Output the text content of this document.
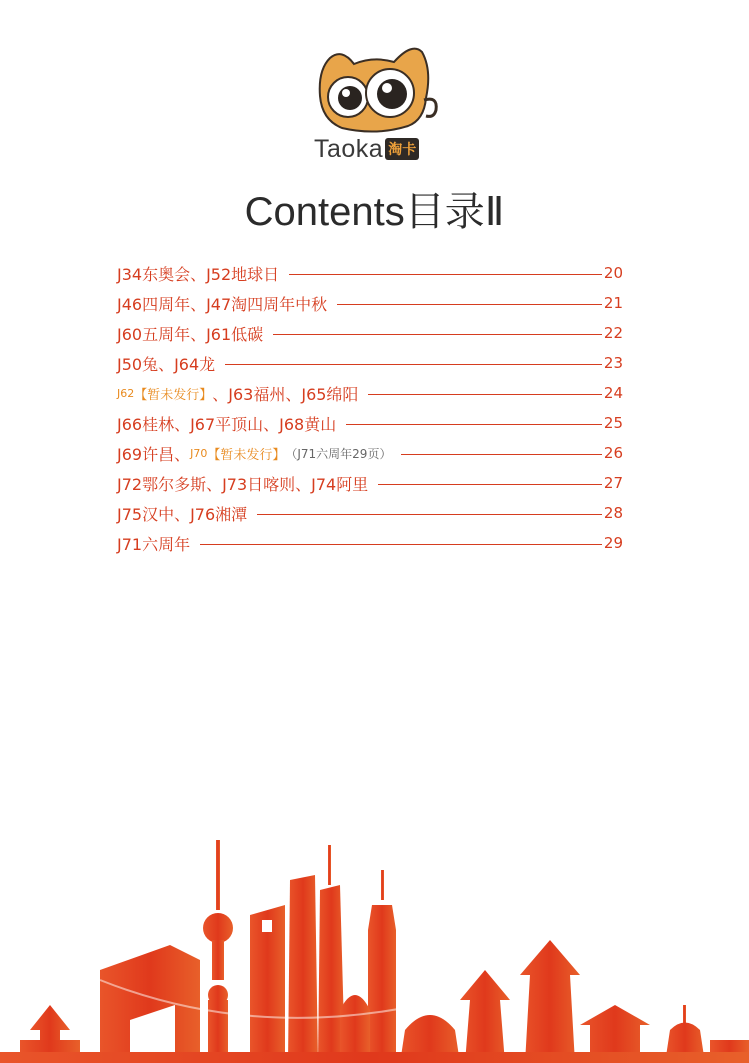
Taoka 淘卡
Contents目录Ⅱ
J34东奥会、J52地球日	20
J46四周年、J47淘四周年中秋	21
J60五周年、J61低碳	22
J50兔、J64龙	23
J62 【暂未发行】 、J63福州、J65绵阳	24
J66桂林、J67平顶山、J68黄山	25
J69许昌、 J70 【暂未发行】 （J71六周年29页）	26
J72鄂尔多斯、J73日喀则、J74阿里	27
J75汉中、J76湘潭	28
J71六周年	29
